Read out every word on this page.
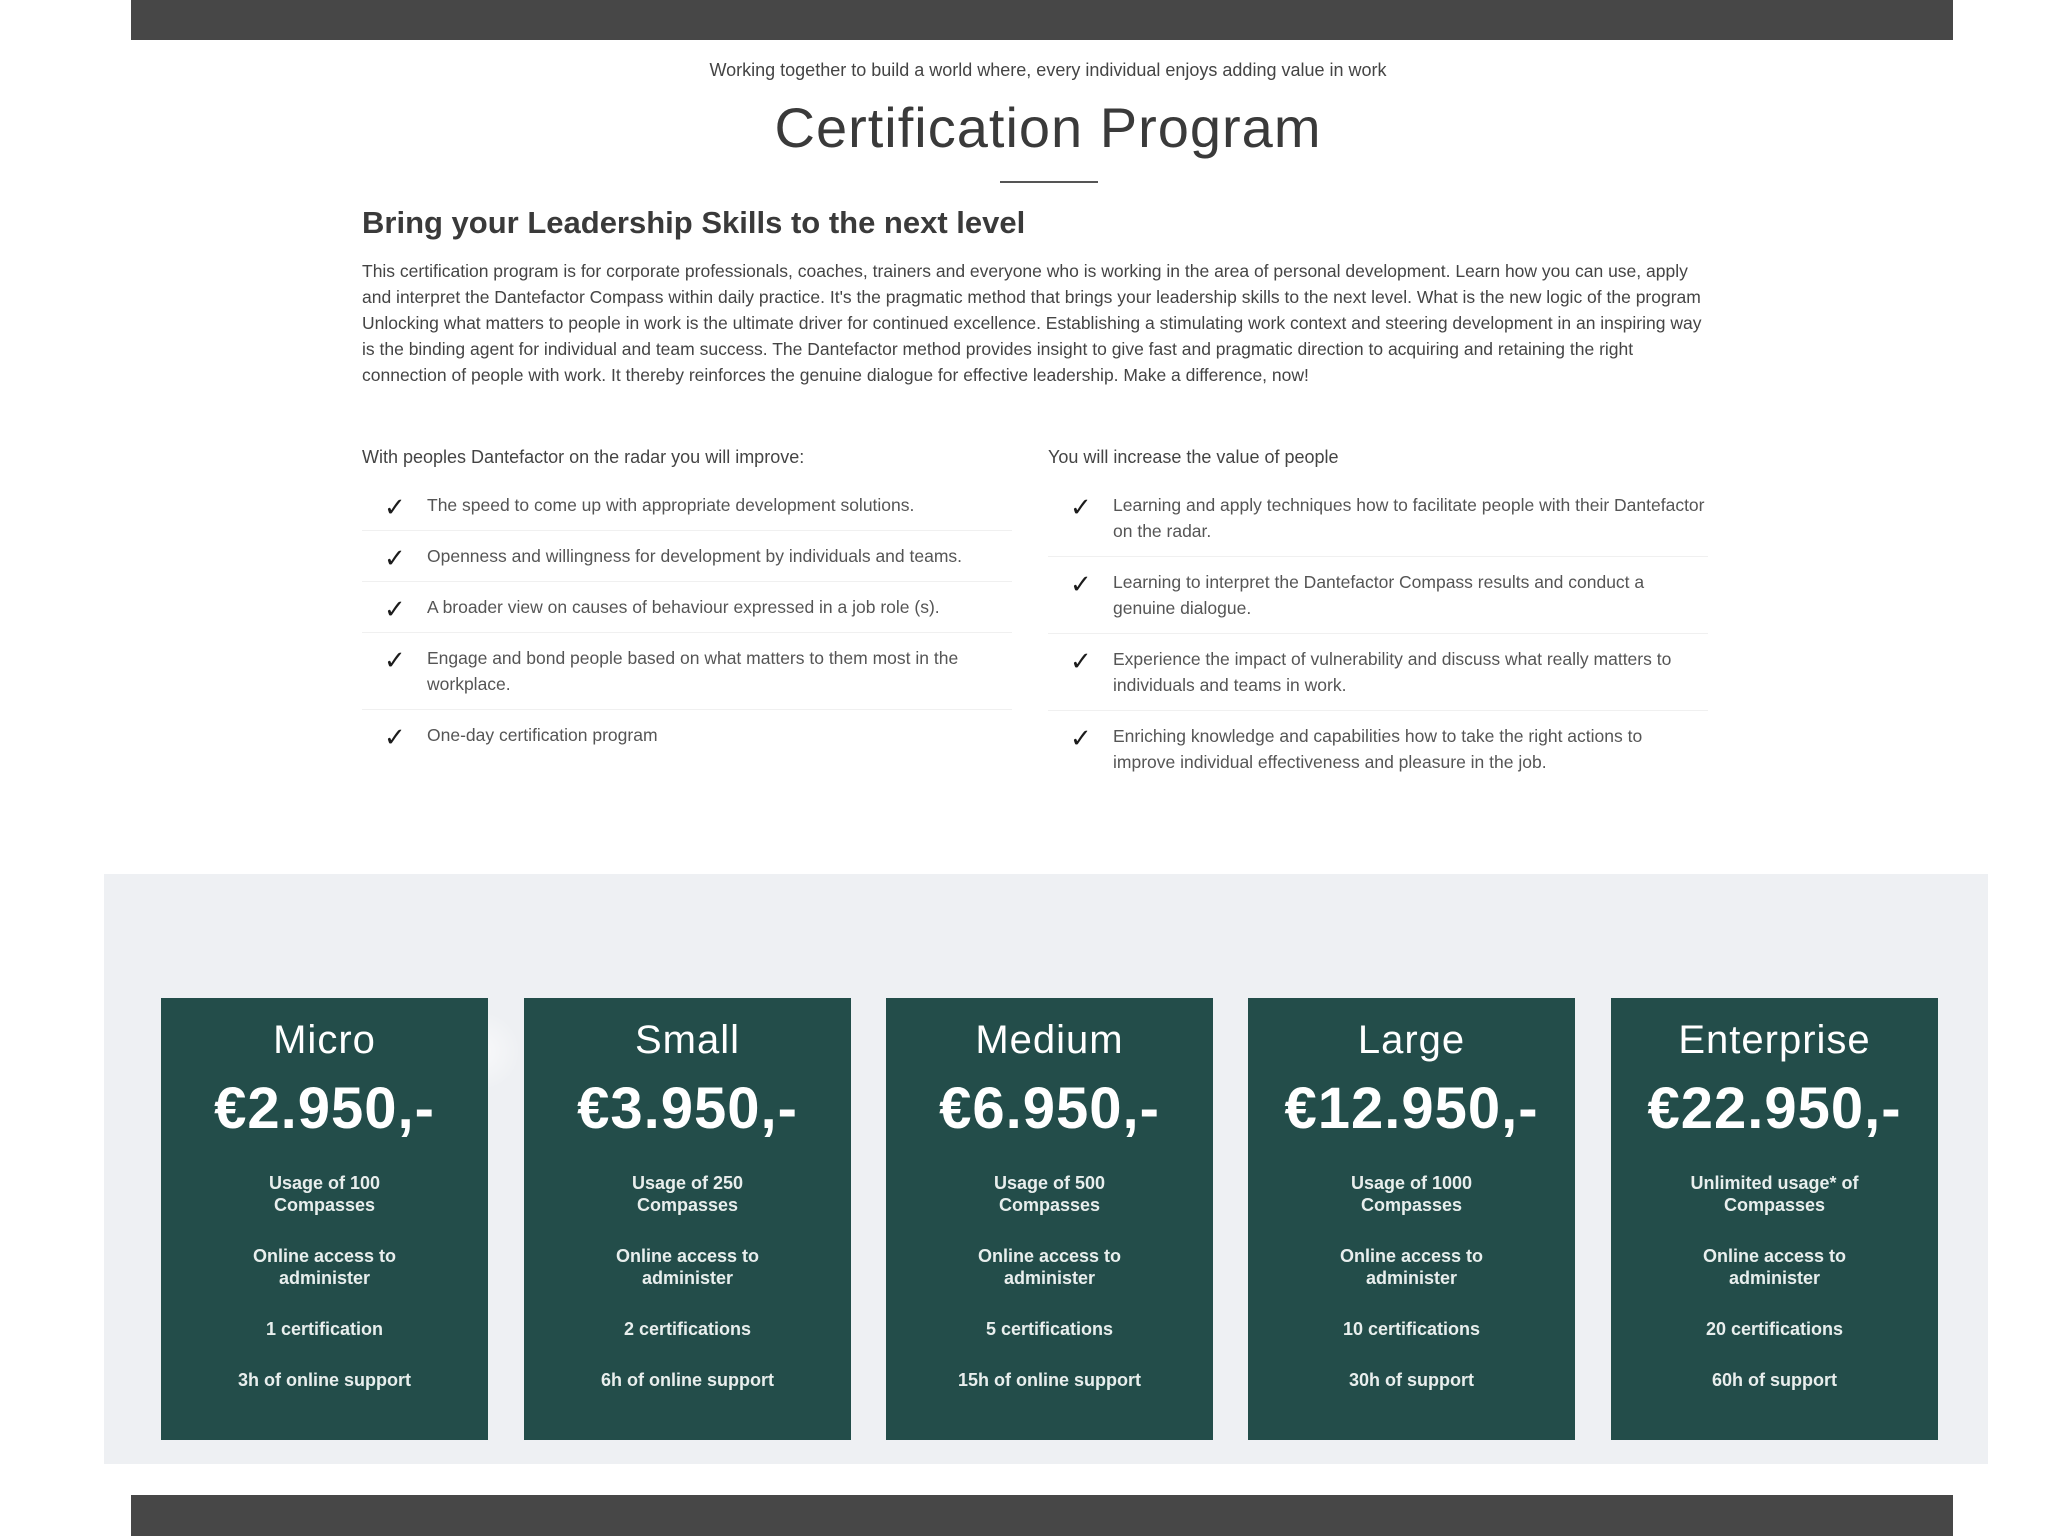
Working together to build a world where, every individual enjoys adding value in work
Certification Program
Bring your Leadership Skills to the next level

This certification program is for corporate professionals, coaches, trainers and everyone who is working in the area of personal development. Learn how you can use, apply and interpret the Dantefactor Compass within daily practice. It's the pragmatic method that brings your leadership skills to the next level. What is the new logic of the program Unlocking what matters to people in work is the ultimate driver for continued excellence. Establishing a stimulating work context and steering development in an inspiring way is the binding agent for individual and team success. The Dantefactor method provides insight to give fast and pragmatic direction to acquiring and retaining the right connection of people with work. It thereby reinforces the genuine dialogue for effective leadership. Make a difference, now!

With peoples Dantefactor on the radar you will improve:	You will increase the value of people
✓ The speed to come up with appropriate development solutions.
✓ Openness and willingness for development by individuals and teams.
✓ A broader view on causes of behaviour expressed in a job role (s).
✓ Engage and bond people based on what matters to them most in the workplace.
✓ One-day certification program
✓ Learning and apply techniques how to facilitate people with their Dantefactor on the radar.
✓ Learning to interpret the Dantefactor Compass results and conduct a genuine dialogue.
✓ Experience the impact of vulnerability and discuss what really matters to individuals and teams in work.
✓ Enriching knowledge and capabilities how to take the right actions to improve individual effectiveness and pleasure in the job.
Micro
€2.950,-
Usage of 100 Compasses
Online access to administer
1 certification
3h of online support
Small
€3.950,-
Usage of 250 Compasses
Online access to administer
2 certifications
6h of online support
Medium
€6.950,-
Usage of 500 Compasses
Online access to administer
5 certifications
15h of online support
Large
€12.950,-
Usage of 1000 Compasses
Online access to administer
10 certifications
30h of support
Enterprise
€22.950,-
Unlimited usage* of Compasses
Online access to administer
20 certifications
60h of support
